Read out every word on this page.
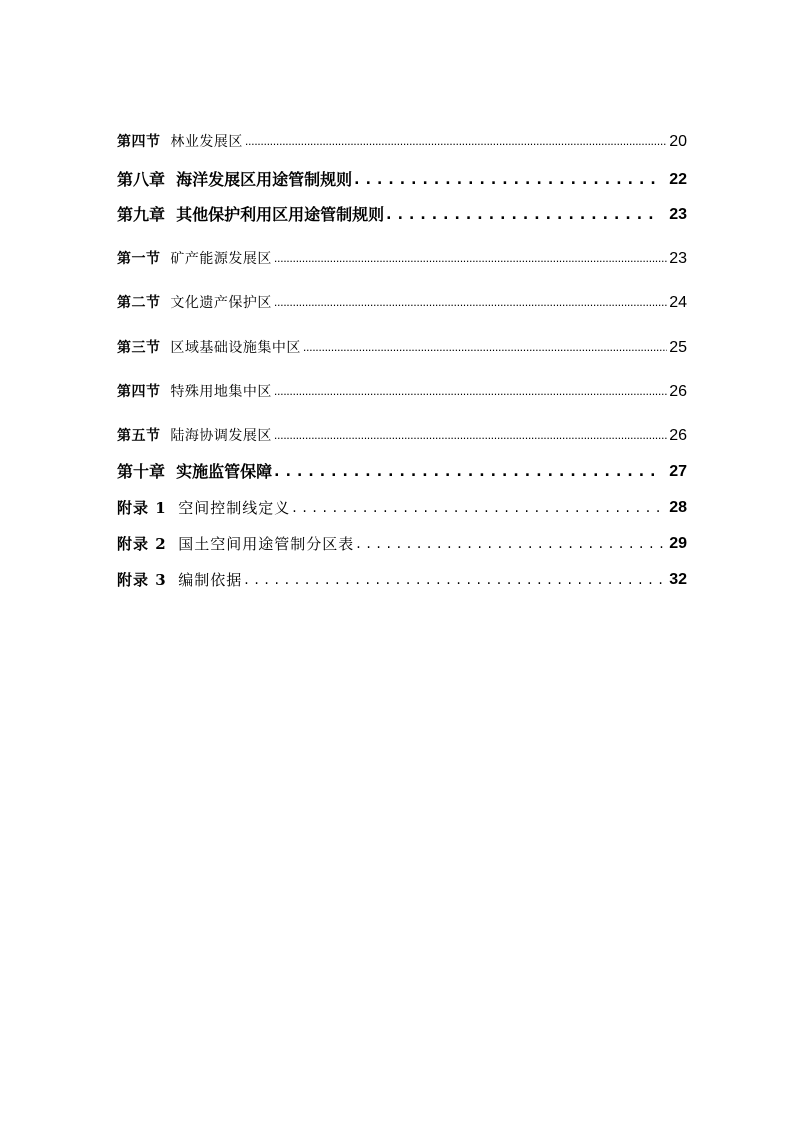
第四节 林业发展区 .....	20
第八章 海洋发展区用途管制规则 . . .	22
第九章 其他保护利用区用途管制规则 . . .	23
第一节 矿产能源发展区 .....	23
第二节 文化遗产保护区 .....	24
第三节 区域基础设施集中区 .....	25
第四节 特殊用地集中区 .....	26
第五节 陆海协调发展区 .....	26
第十章 实施监管保障 . . .	27
附录 1 空间控制线定义 . . .	28
附录 2 国土空间用途管制分区表 . . .	29
附录 3 编制依据 . . .	32
